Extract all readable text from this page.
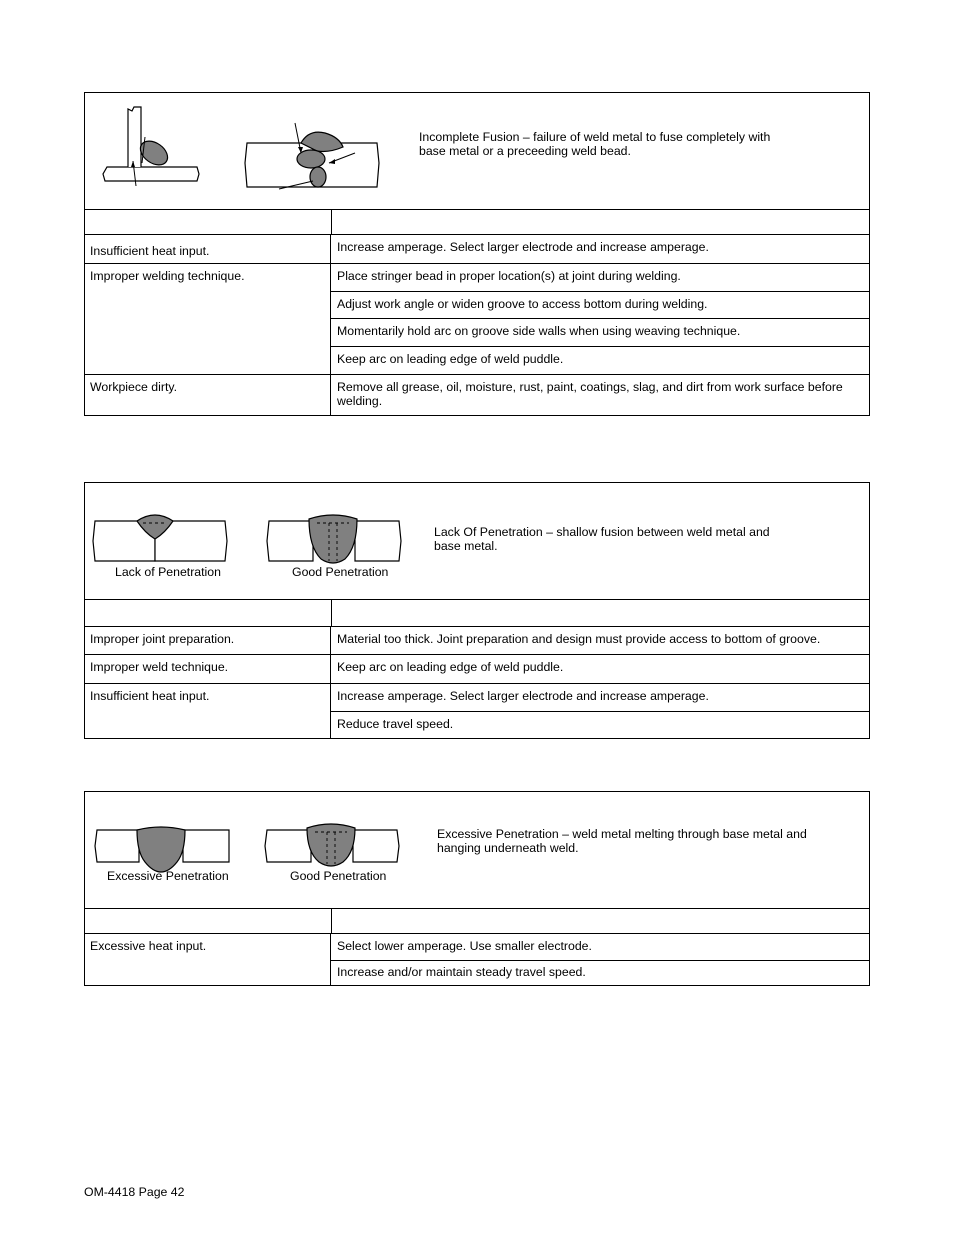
Incomplete Fusion – failure of weld metal to fuse completely with base metal or a preceeding weld bead.
Insufficient heat input.	Increase amperage. Select larger electrode and increase amperage.
Improper welding technique.	Place stringer bead in proper location(s) at joint during welding.
Adjust work angle or widen groove to access bottom during welding.
Momentarily hold arc on groove side walls when using weaving technique.
Keep arc on leading edge of weld puddle.
Workpiece dirty.	Remove all grease, oil, moisture, rust, paint, coatings, slag, and dirt from work surface before welding.
Lack of Penetration	Good Penetration
Lack Of Penetration – shallow fusion between weld metal and base metal.
Improper joint preparation.	Material too thick. Joint preparation and design must provide access to bottom of groove.
Improper weld technique.	Keep arc on leading edge of weld puddle.
Insufficient heat input.	Increase amperage. Select larger electrode and increase amperage.
Reduce travel speed.
Excessive Penetration	Good Penetration
Excessive Penetration – weld metal melting through base metal and hanging underneath weld.
Excessive heat input.	Select lower amperage. Use smaller electrode.
Increase and/or maintain steady travel speed.
OM-4418 Page 42
